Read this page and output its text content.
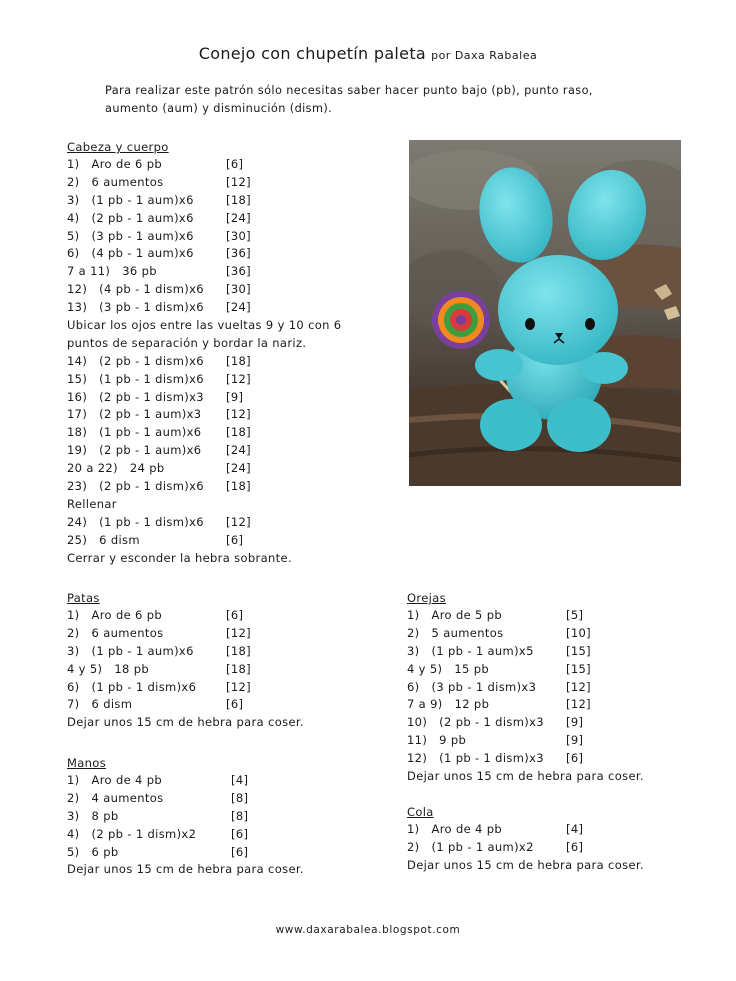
Conejo con chupetín paleta por Daxa Rabalea
Para realizar este patrón sólo necesitas saber hacer punto bajo (pb), punto raso, aumento (aum) y disminución (dism).
Cabeza y cuerpo
1)   Aro de 6 pb	[6]
2)   6 aumentos	[12]
3)   (1 pb - 1 aum)x6	[18]
4)   (2 pb - 1 aum)x6	[24]
5)   (3 pb - 1 aum)x6	[30]
6)   (4 pb - 1 aum)x6	[36]
7 a 11)   36 pb	[36]
12)   (4 pb - 1 dism)x6 [30]
13)   (3 pb - 1 dism)x6 [24]
Ubicar los ojos entre las vueltas 9 y 10 con 6
puntos de separación y bordar la nariz.
14)   (2 pb - 1 dism)x6 [18]
15)   (1 pb - 1 dism)x6 [12]
16)   (2 pb - 1 dism)x3 [9]
17)   (2 pb - 1 aum)x3 [12]
18)   (1 pb - 1 aum)x6 [18]
19)   (2 pb - 1 aum)x6 [24]
20 a 22)   24 pb	[24]
23)   (2 pb - 1 dism)x6 [18]
Rellenar
24)   (1 pb - 1 dism)x6 [12]
25)   6 dism	[6]
Cerrar y esconder la hebra sobrante.
Patas
1)   Aro de 6 pb	[6]
2)   6 aumentos	[12]
3)   (1 pb - 1 aum)x6	[18]
4 y 5)   18 pb	[18]
6)   (1 pb - 1 dism)x6	[12]
7)   6 dism	[6]
Dejar unos 15 cm de hebra para coser.
Manos
1)   Aro de 4 pb	[4]
2)   4 aumentos	[8]
3)   8 pb	[8]
4)   (2 pb - 1 dism)x2	[6]
5)   6 pb	[6]
Dejar unos 15 cm de hebra para coser.
Orejas
1)   Aro de 5 pb	[5]
2)   5 aumentos	[10]
3)   (1 pb - 1 aum)x5	[15]
4 y 5)   15 pb	[15]
6)   (3 pb - 1 dism)x3	[12]
7 a 9)   12 pb	[12]
10)   (2 pb - 1 dism)x3 [9]
11)   9 pb	[9]
12)   (1 pb - 1 dism)x3 [6]
Dejar unos 15 cm de hebra para coser.
Cola
1)   Aro de 4 pb	[4]
2)   (1 pb - 1 aum)x2	[6]
Dejar unos 15 cm de hebra para coser.
www.daxarabalea.blogspot.com
